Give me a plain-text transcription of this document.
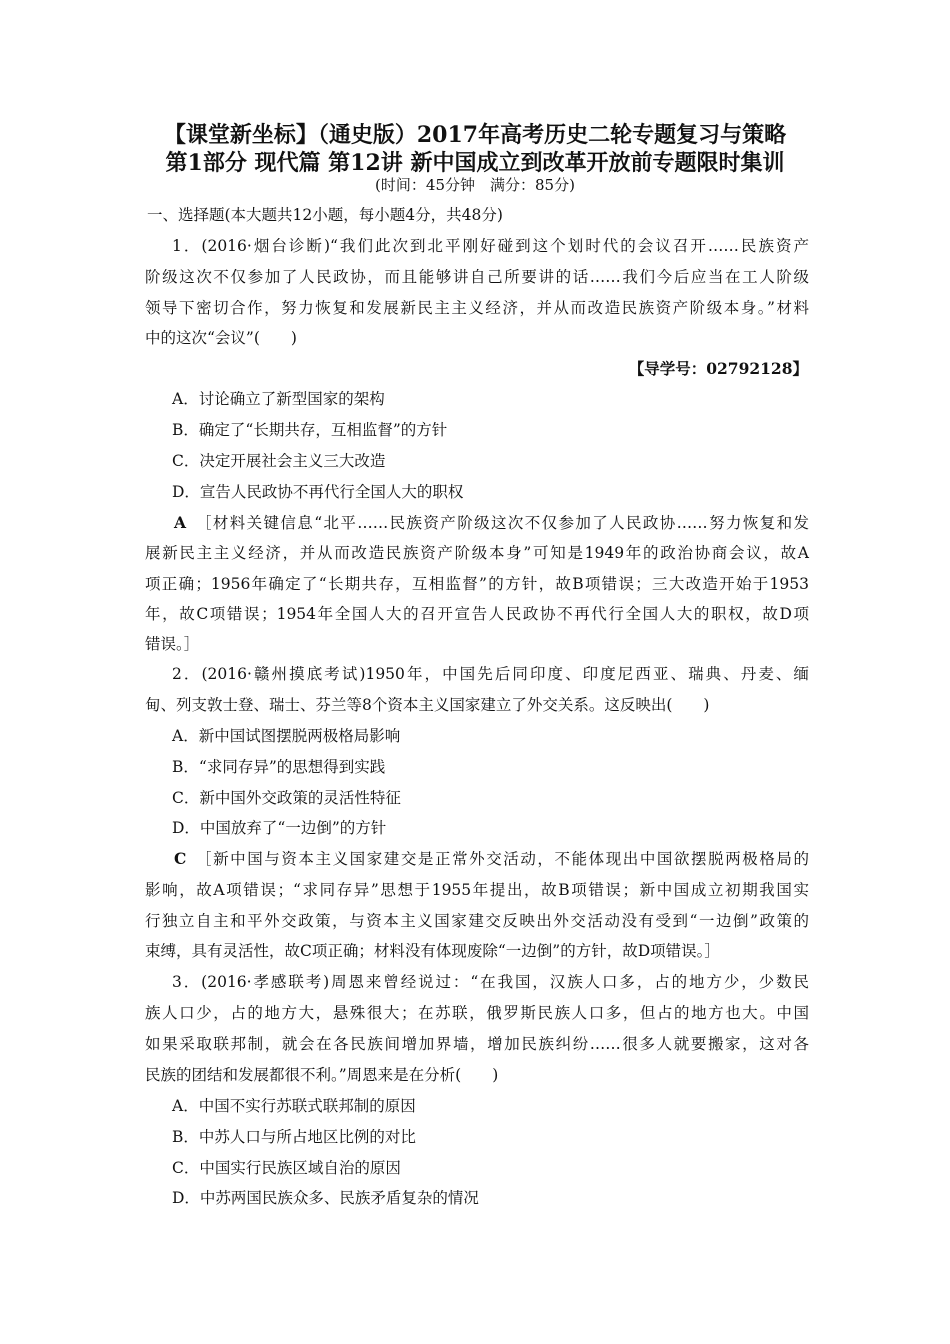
【课堂新坐标】（通史版）2017年高考历史二轮专题复习与策略
第1部分 现代篇 第12讲 新中国成立到改革开放前专题限时集训
(时间：45分钟　满分：85分)
一、选择题(本大题共12小题，每小题4分，共48分)
1．(2016·烟台诊断)“我们此次到北平刚好碰到这个划时代的会议召开……民族资产
阶级这次不仅参加了人民政协，而且能够讲自己所要讲的话……我们今后应当在工人阶级
领导下密切合作，努力恢复和发展新民主主义经济，并从而改造民族资产阶级本身。”材料
中的这次“会议”(　　)
【导学号：02792128】
A．讨论确立了新型国家的架构
B．确定了“长期共存，互相监督”的方针
C．决定开展社会主义三大改造
D．宣告人民政协不再代行全国人大的职权
A ［材料关键信息“北平……民族资产阶级这次不仅参加了人民政协……努力恢复和发
展新民主主义经济，并从而改造民族资产阶级本身”可知是1949年的政治协商会议，故A
项正确；1956年确定了“长期共存，互相监督”的方针，故B项错误；三大改造开始于1953
年，故C项错误；1954年全国人大的召开宣告人民政协不再代行全国人大的职权，故D项
错误。］
2．(2016·赣州摸底考试)1950年，中国先后同印度、印度尼西亚、瑞典、丹麦、缅
甸、列支敦士登、瑞士、芬兰等8个资本主义国家建立了外交关系。这反映出(　　)
A．新中国试图摆脱两极格局影响
B．“求同存异”的思想得到实践
C．新中国外交政策的灵活性特征
D．中国放弃了“一边倒”的方针
C ［新中国与资本主义国家建交是正常外交活动，不能体现出中国欲摆脱两极格局的
影响，故A项错误；“求同存异”思想于1955年提出，故B项错误；新中国成立初期我国实
行独立自主和平外交政策，与资本主义国家建交反映出外交活动没有受到“一边倒”政策的
束缚，具有灵活性，故C项正确；材料没有体现废除“一边倒”的方针，故D项错误。］
3．(2016·孝感联考)周恩来曾经说过：“在我国，汉族人口多，占的地方少，少数民
族人口少，占的地方大，悬殊很大；在苏联，俄罗斯民族人口多，但占的地方也大。中国
如果采取联邦制，就会在各民族间增加界墙，增加民族纠纷……很多人就要搬家，这对各
民族的团结和发展都很不利。”周恩来是在分析(　　)
A．中国不实行苏联式联邦制的原因
B．中苏人口与所占地区比例的对比
C．中国实行民族区域自治的原因
D．中苏两国民族众多、民族矛盾复杂的情况
